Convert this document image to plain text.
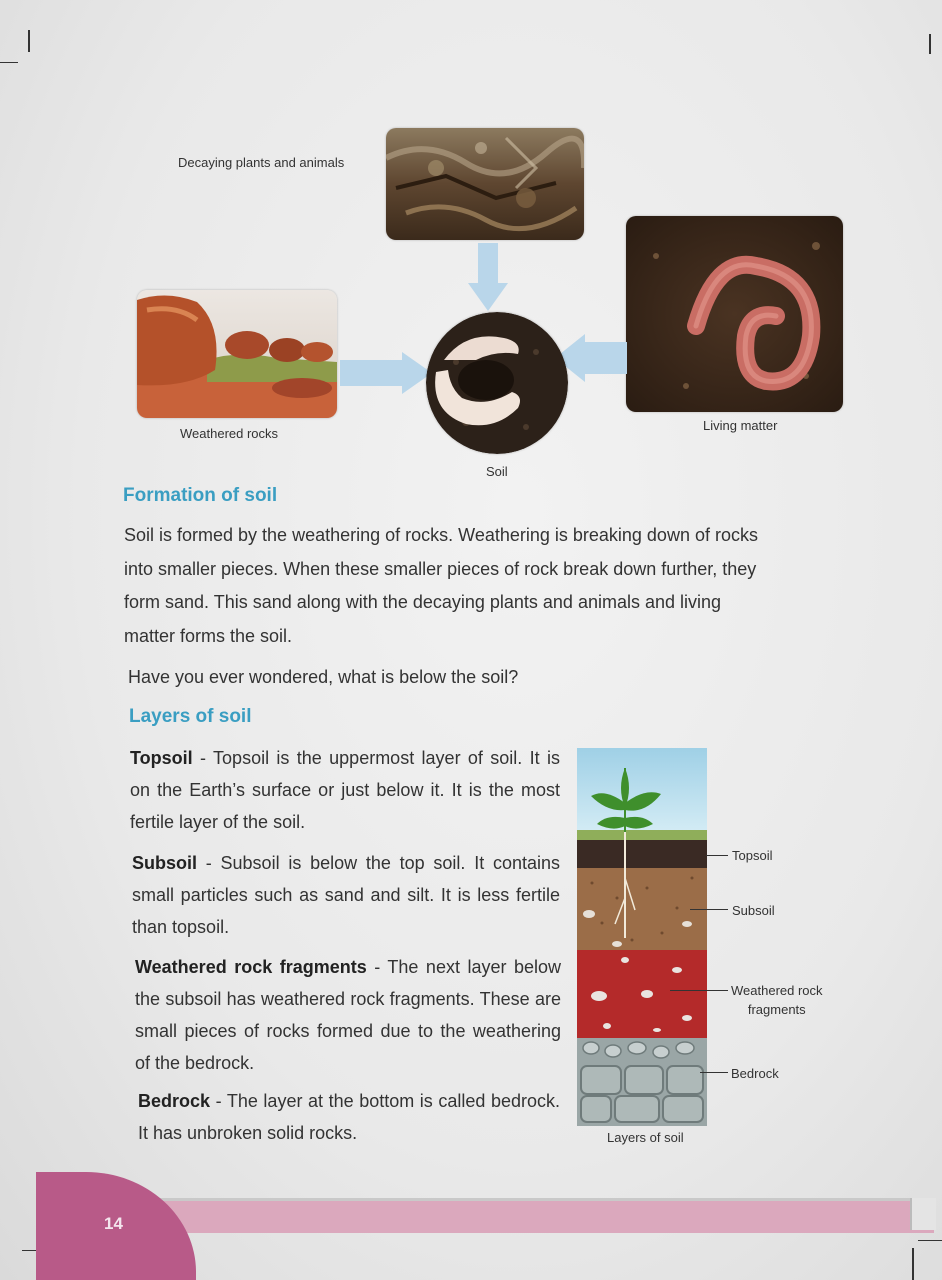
Decaying plants and animals
Weathered rocks
Living matter
Soil
Formation of soil
Soil is formed by the weathering of rocks. Weathering is breaking down of rocks
into smaller pieces. When these smaller pieces of rock break down further, they
form sand. This sand along with the decaying plants and animals and living
matter forms the soil.
Have you ever wondered, what is below the soil?
Layers of soil
Topsoil - Topsoil is the uppermost layer of soil. It is on the Earth’s surface or just below it. It is the most fertile layer of the soil.
Subsoil - Subsoil is below the top soil. It contains small particles such as sand and silt. It is less fertile than topsoil.
Weathered rock fragments - The next layer below the subsoil has weathered rock fragments. These are small pieces of rocks formed due to the weathering of the bedrock.
Bedrock - The layer at the bottom is called bedrock. It has unbroken solid rocks.
Topsoil
Subsoil
Weathered rock
fragments
Bedrock
Layers of soil
14
